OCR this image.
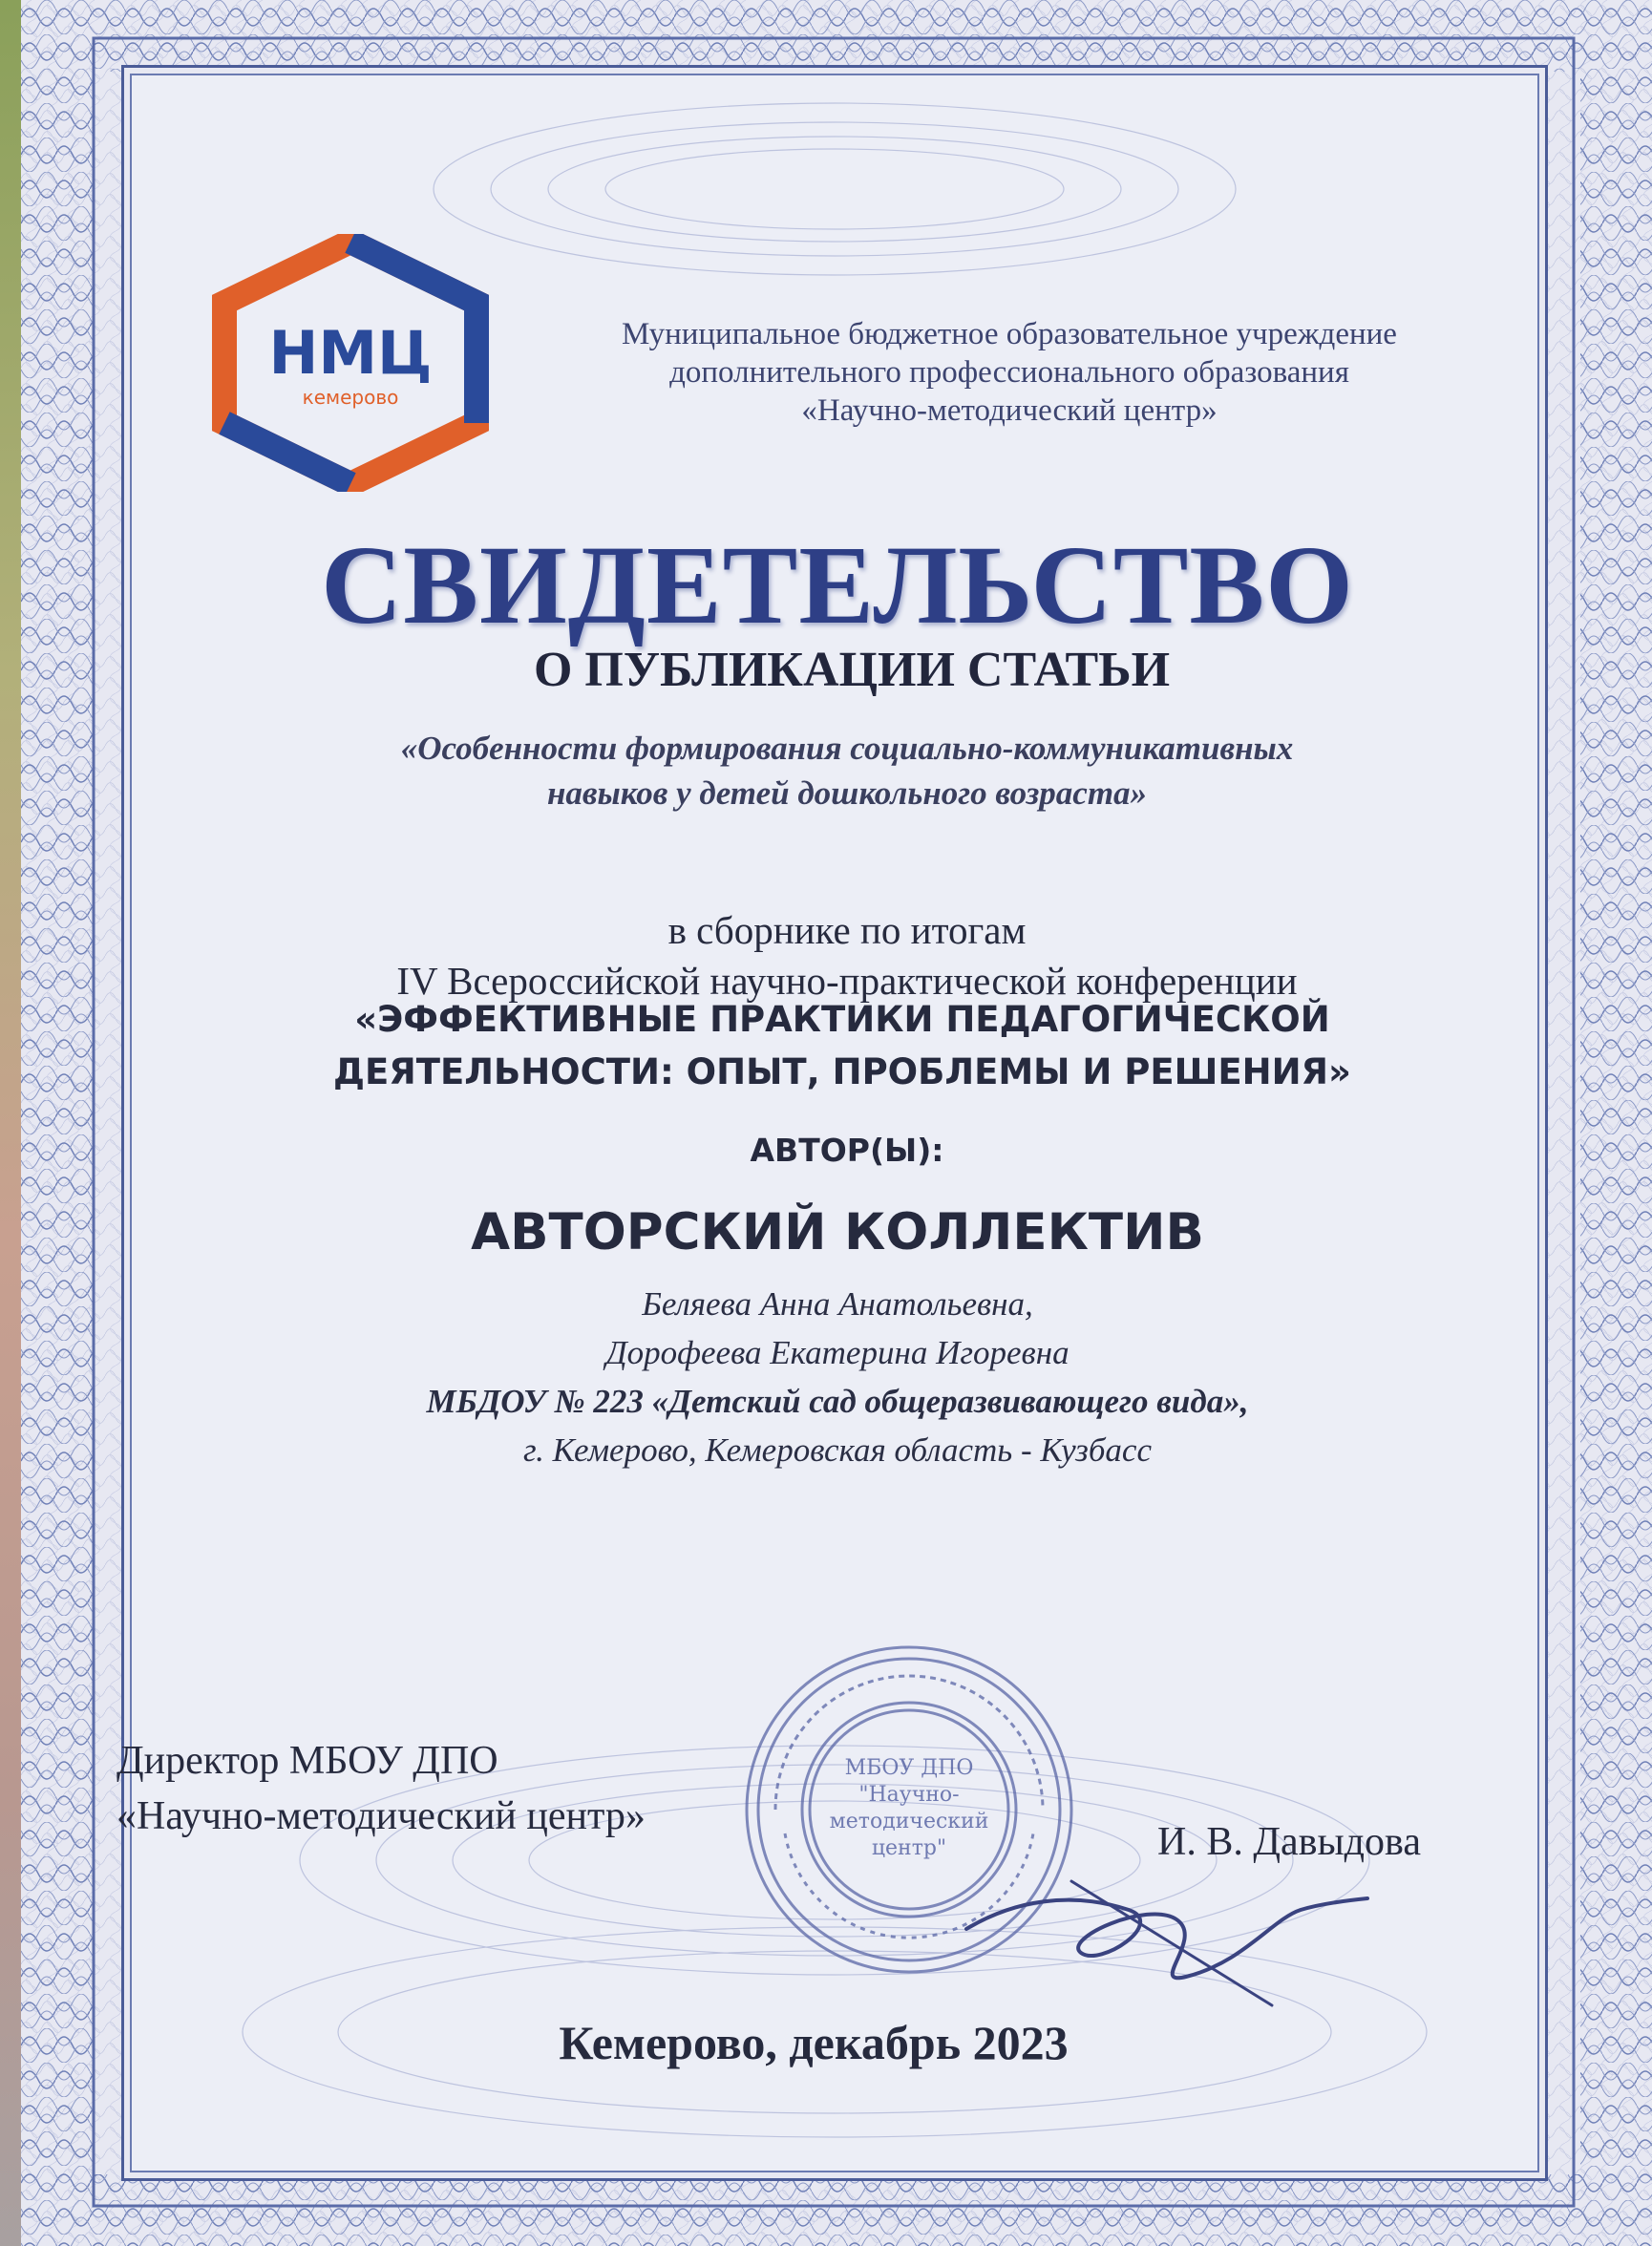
НМЦ
кемерово
Муниципальное бюджетное образовательное учреждение
дополнительного профессионального образования
«Научно-методический центр»
СВИДЕТЕЛЬСТВО
О ПУБЛИКАЦИИ СТАТЬИ
«Особенности формирования социально-коммуникативных
навыков у детей дошкольного возраста»
в сборнике по итогам
IV Всероссийской научно-практической конференции
«ЭФФЕКТИВНЫЕ ПРАКТИКИ ПЕДАГОГИЧЕСКОЙ
ДЕЯТЕЛЬНОСТИ: ОПЫТ, ПРОБЛЕМЫ И РЕШЕНИЯ»
АВТОР(Ы):
АВТОРСКИЙ КОЛЛЕКТИВ
Беляева Анна Анатольевна,
Дорофеева Екатерина Игоревна
МБДОУ № 223 «Детский сад общеразвивающего вида»,
г. Кемерово, Кемеровская область - Кузбасс
Директор МБОУ ДПО
«Научно-методический центр»
МБОУ ДПО
"Научно-
методический
центр"	И. В. Давыдова
Кемерово, декабрь 2023
